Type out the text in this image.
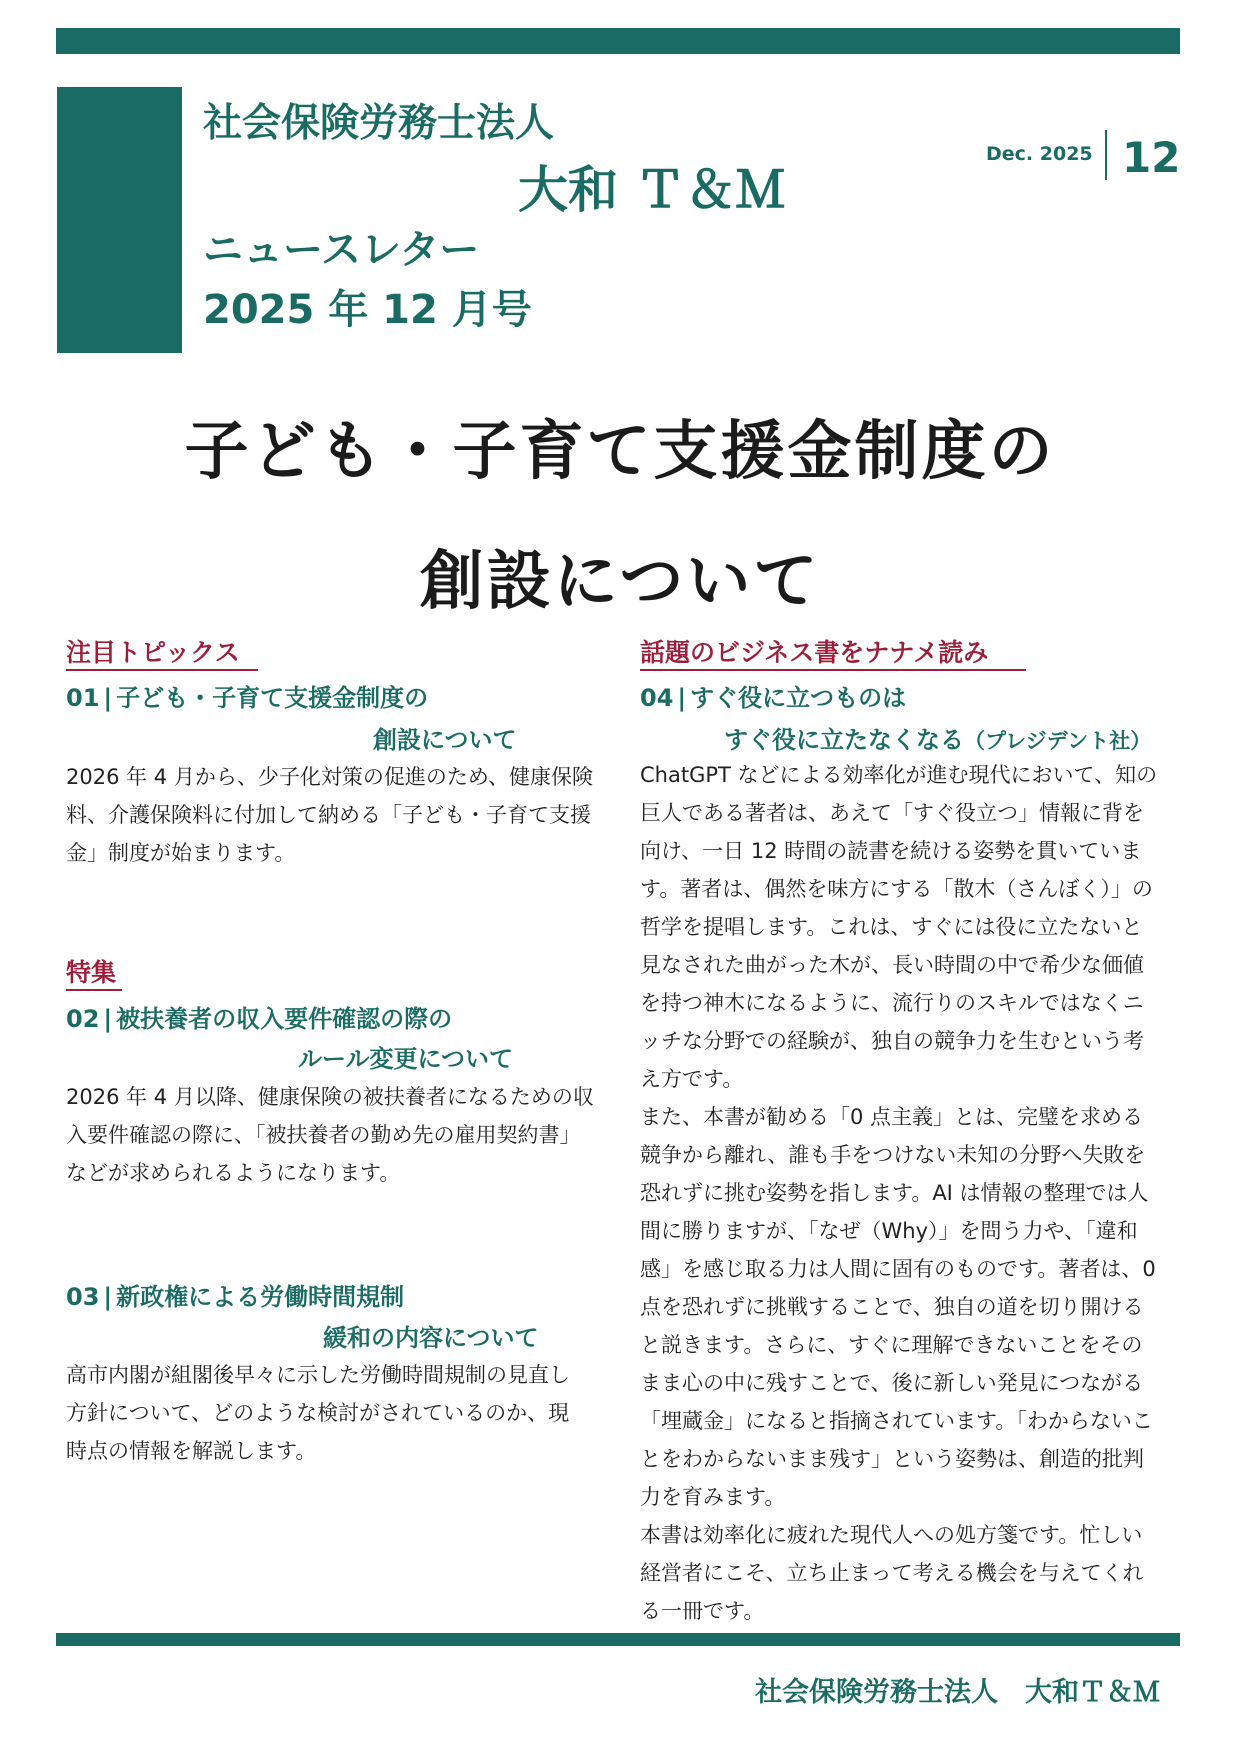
社会保険労務士法人
大和 Ｔ＆Ｍ
ニュースレター
2025 年 12 月号
Dec. 2025 12
子ども・子育て支援金制度の
創設について
注目トピックス
01 | 子ども・子育て支援金制度の
創設について
2026 年 4 月から、少子化対策の促進のため、健康保険
料、介護保険料に付加して納める「子ども・子育て支援
金」制度が始まります。
特集
02 | 被扶養者の収入要件確認の際の
ルール変更について
2026 年 4 月以降、健康保険の被扶養者になるための収
入要件確認の際に、「被扶養者の勤め先の雇用契約書」
などが求められるようになります。
03 | 新政権による労働時間規制
緩和の内容について
高市内閣が組閣後早々に示した労働時間規制の見直し
方針について、どのような検討がされているのか、現
時点の情報を解説します。
話題のビジネス書をナナメ読み
04 | すぐ役に立つものは
すぐ役に立たなくなる（プレジデント社）
ChatGPT などによる効率化が進む現代において、知の
巨人である著者は、あえて「すぐ役立つ」情報に背を
向け、一日 12 時間の読書を続ける姿勢を貫いていま
す。著者は、偶然を味方にする「散木（さんぼく）」の
哲学を提唱します。これは、すぐには役に立たないと
見なされた曲がった木が、長い時間の中で希少な価値
を持つ神木になるように、流行りのスキルではなくニ
ッチな分野での経験が、独自の競争力を生むという考
え方です。
また、本書が勧める「0 点主義」とは、完璧を求める
競争から離れ、誰も手をつけない未知の分野へ失敗を
恐れずに挑む姿勢を指します。AI は情報の整理では人
間に勝りますが、「なぜ（Why）」を問う力や、「違和
感」を感じ取る力は人間に固有のものです。著者は、0
点を恐れずに挑戦することで、独自の道を切り開ける
と説きます。さらに、すぐに理解できないことをその
まま心の中に残すことで、後に新しい発見につながる
「埋蔵金」になると指摘されています。「わからないこ
とをわからないまま残す」という姿勢は、創造的批判
力を育みます。
本書は効率化に疲れた現代人への処方箋です。忙しい
経営者にこそ、立ち止まって考える機会を与えてくれ
る一冊です。
社会保険労務士法人　大和Ｔ＆Ｍ
